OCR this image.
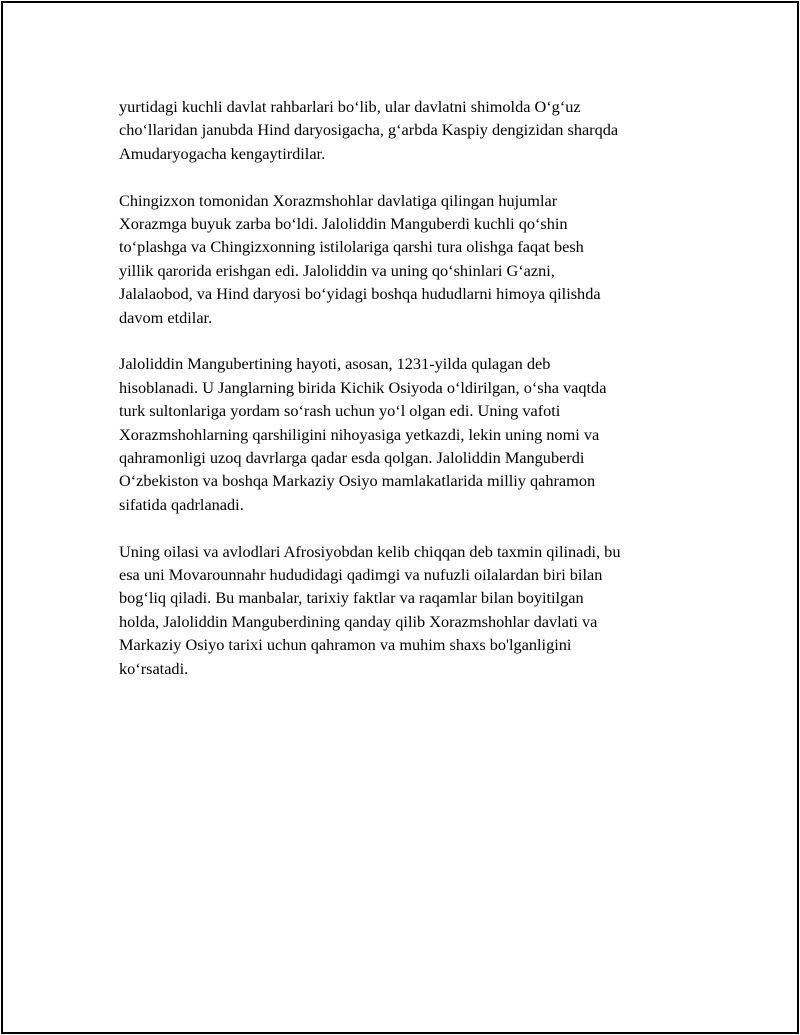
yurtidagi kuchli davlat rahbarlari bo‘lib, ular davlatni shimolda O‘g‘uz
cho‘llaridan janubda Hind daryosigacha, g‘arbda Kaspiy dengizidan sharqda
Amudaryogacha kengaytirdilar.

Chingizxon tomonidan Xorazmshohlar davlatiga qilingan hujumlar
Xorazmga buyuk zarba bo‘ldi. Jaloliddin Manguberdi kuchli qo‘shin
to‘plashga va Chingizxonning istilolariga qarshi tura olishga faqat besh
yillik qarorida erishgan edi. Jaloliddin va uning qo‘shinlari G‘azni,
Jalalaobod, va Hind daryosi bo‘yidagi boshqa hududlarni himoya qilishda
davom etdilar.

Jaloliddin Mangubertining hayoti, asosan, 1231-yilda qulagan deb
hisoblanadi. U Janglarning birida Kichik Osiyoda o‘ldirilgan, o‘sha vaqtda
turk sultonlariga yordam so‘rash uchun yo‘l olgan edi. Uning vafoti
Xorazmshohlarning qarshiligini nihoyasiga yetkazdi, lekin uning nomi va
qahramonligi uzoq davrlarga qadar esda qolgan. Jaloliddin Manguberdi
O‘zbekiston va boshqa Markaziy Osiyo mamlakatlarida milliy qahramon
sifatida qadrlanadi.

Uning oilasi va avlodlari Afrosiyobdan kelib chiqqan deb taxmin qilinadi, bu
esa uni Movarounnahr hududidagi qadimgi va nufuzli oilalardan biri bilan
bog‘liq qiladi. Bu manbalar, tarixiy faktlar va raqamlar bilan boyitilgan
holda, Jaloliddin Manguberdining qanday qilib Xorazmshohlar davlati va
Markaziy Osiyo tarixi uchun qahramon va muhim shaxs bo'lganligini
ko‘rsatadi.
